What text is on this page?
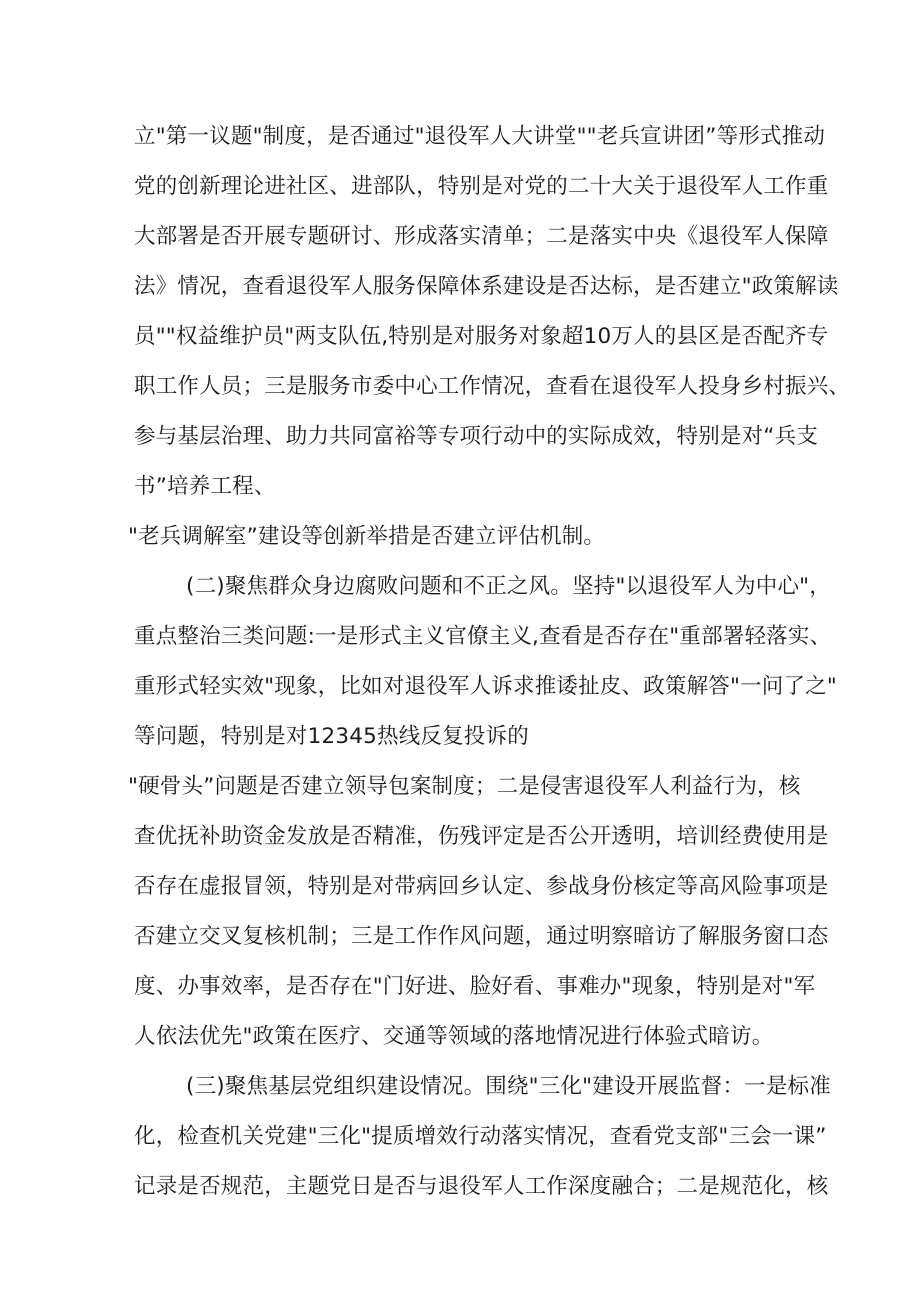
立"第一议题"制度，是否通过"退役军人大讲堂""老兵宣讲团”等形式推动
党的创新理论进社区、进部队，特别是对党的二十大关于退役军人工作重
大部署是否开展专题研讨、形成落实清单；二是落实中央《退役军人保障
法》情况，查看退役军人服务保障体系建设是否达标，是否建立"政策解读
员""权益维护员"两支队伍,特别是对服务对象超10万人的县区是否配齐专
职工作人员；三是服务市委中心工作情况，查看在退役军人投身乡村振兴、
参与基层治理、助力共同富裕等专项行动中的实际成效，特别是对“兵支
书”培养工程、
"老兵调解室”建设等创新举措是否建立评估机制。
(二)聚焦群众身边腐败问题和不正之风。坚持"以退役军人为中心"，
重点整治三类问题:一是形式主义官僚主义,查看是否存在"重部署轻落实、
重形式轻实效"现象，比如对退役军人诉求推诿扯皮、政策解答"一问了之"
等问题，特别是对12345热线反复投诉的
"硬骨头”问题是否建立领导包案制度；二是侵害退役军人利益行为，核
查优抚补助资金发放是否精准，伤残评定是否公开透明，培训经费使用是
否存在虚报冒领，特别是对带病回乡认定、参战身份核定等高风险事项是
否建立交叉复核机制；三是工作作风问题，通过明察暗访了解服务窗口态
度、办事效率，是否存在"门好进、脸好看、事难办"现象，特别是对"军
人依法优先"政策在医疗、交通等领域的落地情况进行体验式暗访。
(三)聚焦基层党组织建设情况。围绕"三化"建设开展监督：一是标准
化，检查机关党建"三化"提质增效行动落实情况，查看党支部"三会一课”
记录是否规范，主题党日是否与退役军人工作深度融合；二是规范化，核
